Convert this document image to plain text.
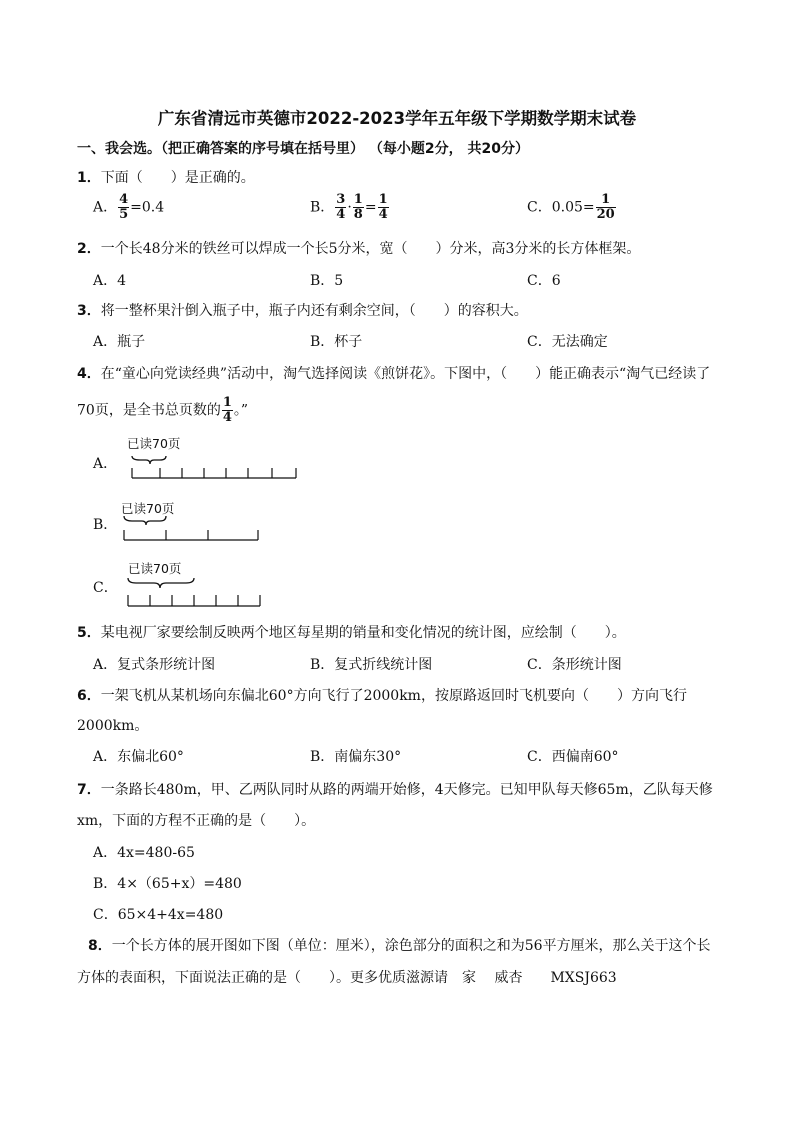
广东省清远市英德市2022-2023学年五年级下学期数学期末试卷
一、我会选。（把正确答案的序号填在括号里） （每小题2分， 共20分）
1．下面（　　）是正确的。
A． $\frac{4}{5} =0.4$	B． $\frac{3}{4} \cdot \frac{1}{8} = \frac{1}{4}$	C．$0.05= \frac{1}{20}$
2．一个长48分米的铁丝可以焊成一个长5分米，宽（　　）分米，高3分米的长方体框架。
A．4	B．5	C．6
3．将一整杯果汁倒入瓶子中，瓶子内还有剩余空间，（　　）的容积大。
A．瓶子	B．杯子	C．无法确定
4．在“童心向党读经典”活动中，淘气选择阅读《煎饼花》。下图中，（　　）能正确表示“淘气已经读了
70页，是全书总页数的 $\frac{1}{4}$ 。”
A．
已读70页
B．
已读70页
C．
已读70页
5．某电视厂家要绘制反映两个地区每星期的销量和变化情况的统计图，应绘制（　　）。
A．复式条形统计图	B．复式折线统计图	C．条形统计图
6．一架飞机从某机场向东偏北60°方向飞行了2000km，按原路返回时飞机要向（　　）方向飞行
2000km。
A．东偏北60°	B．南偏东30°	C．西偏南60°
7．一条路长480m，甲、乙两队同时从路的两端开始修，4天修完。已知甲队每天修65m，乙队每天修
xm，下面的方程不正确的是（　　）。
A．4x=480-65
B．4×（65+x）=480
C．65×4+4x=480
8．一个长方体的展开图如下图（单位：厘米），涂色部分的面积之和为56平方厘米，那么关于这个长
方体的表面积，下面说法正确的是（　　）。更多优质滋源请　家　 威杏　　MXSJ663
